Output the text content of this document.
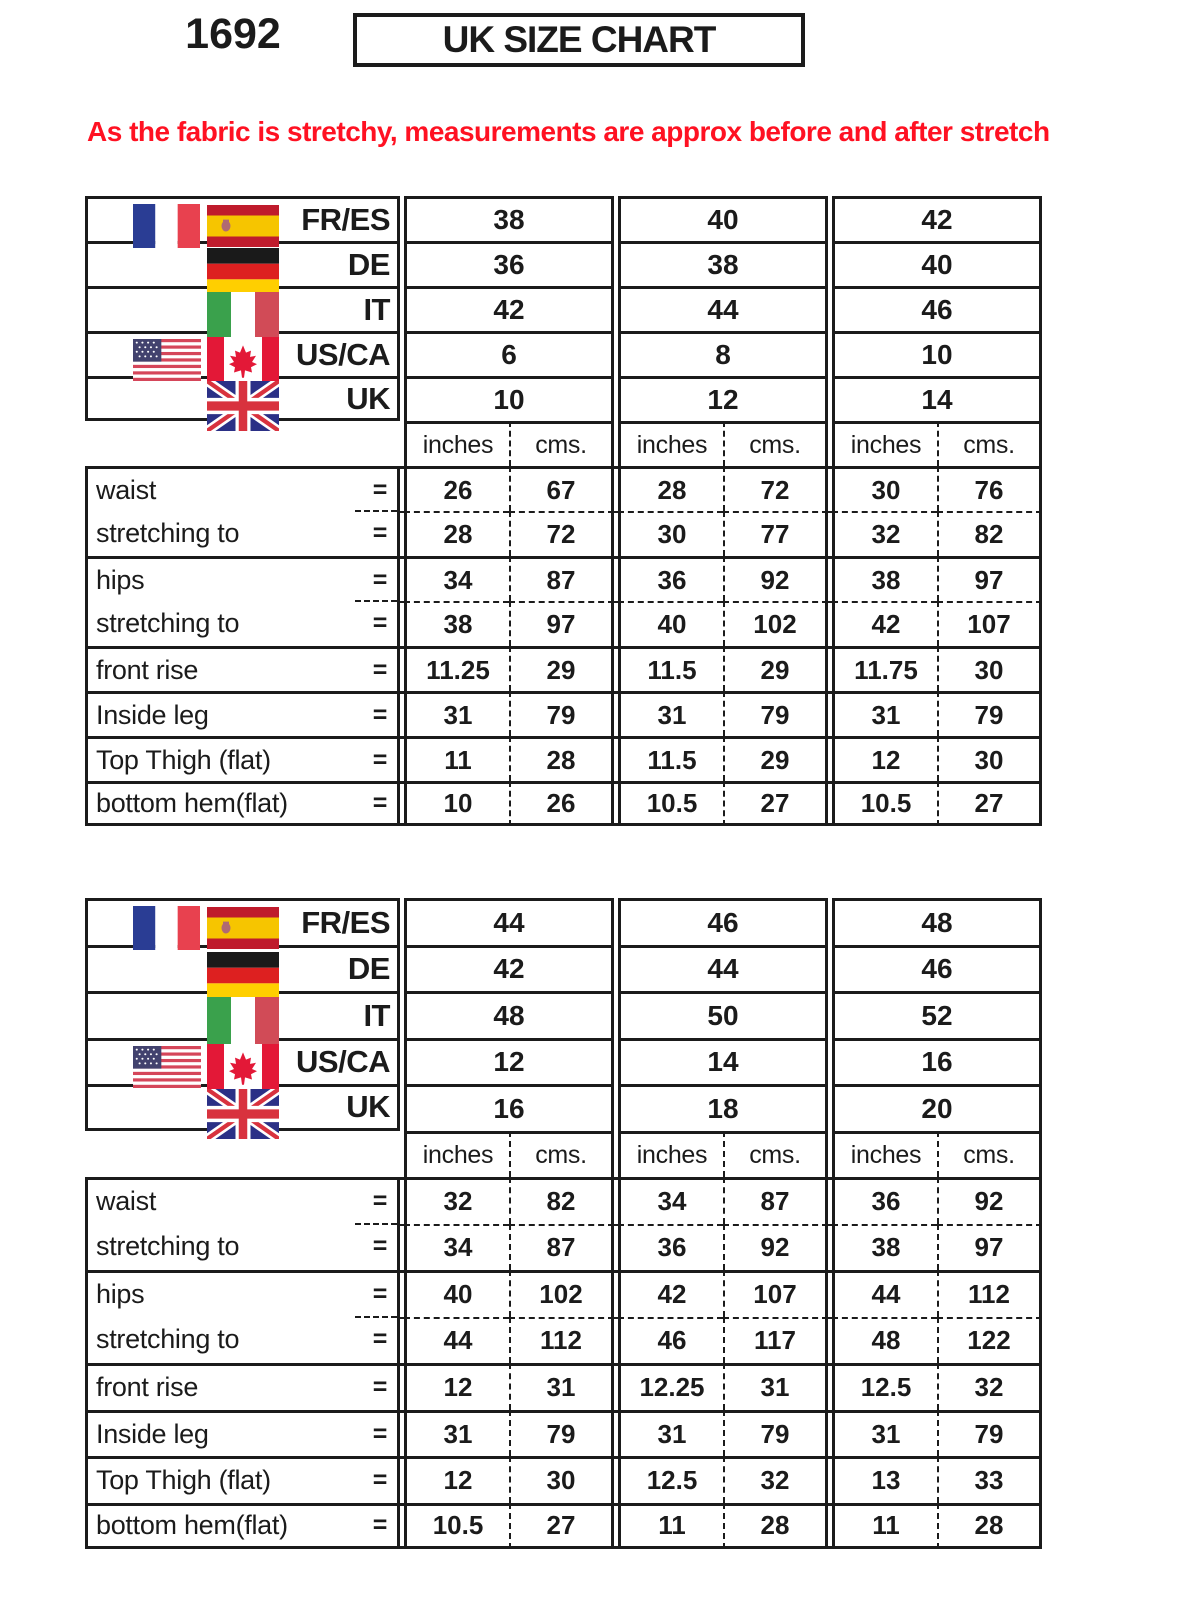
1692	UK SIZE CHART
As the fabric is stretchy, measurements are approx before and after stretch
FR/ES	38	40	42
DE	36	38	40
IT	42	44	46
US/CA	6	8	10
UK	10	12	14
inches	cms.	inches	cms.	inches	cms.
waist	=	26	67	28	72	30	76
stretching to	=	28	72	30	77	32	82
hips	=	34	87	36	92	38	97
stretching to	=	38	97	40	102	42	107
front rise	=	11.25	29	11.5	29	11.75	30
Inside leg	=	31	79	31	79	31	79
Top Thigh (flat)	=	11	28	11.5	29	12	30
bottom hem(flat)	=	10	26	10.5	27	10.5	27
FR/ES	44	46	48
DE	42	44	46
IT	48	50	52
US/CA	12	14	16
UK	16	18	20
inches	cms.	inches	cms.	inches	cms.
waist	=	32	82	34	87	36	92
stretching to	=	34	87	36	92	38	97
hips	=	40	102	42	107	44	112
stretching to	=	44	112	46	117	48	122
front rise	=	12	31	12.25	31	12.5	32
Inside leg	=	31	79	31	79	31	79
Top Thigh (flat)	=	12	30	12.5	32	13	33
bottom hem(flat)	=	10.5	27	11	28	11	28
